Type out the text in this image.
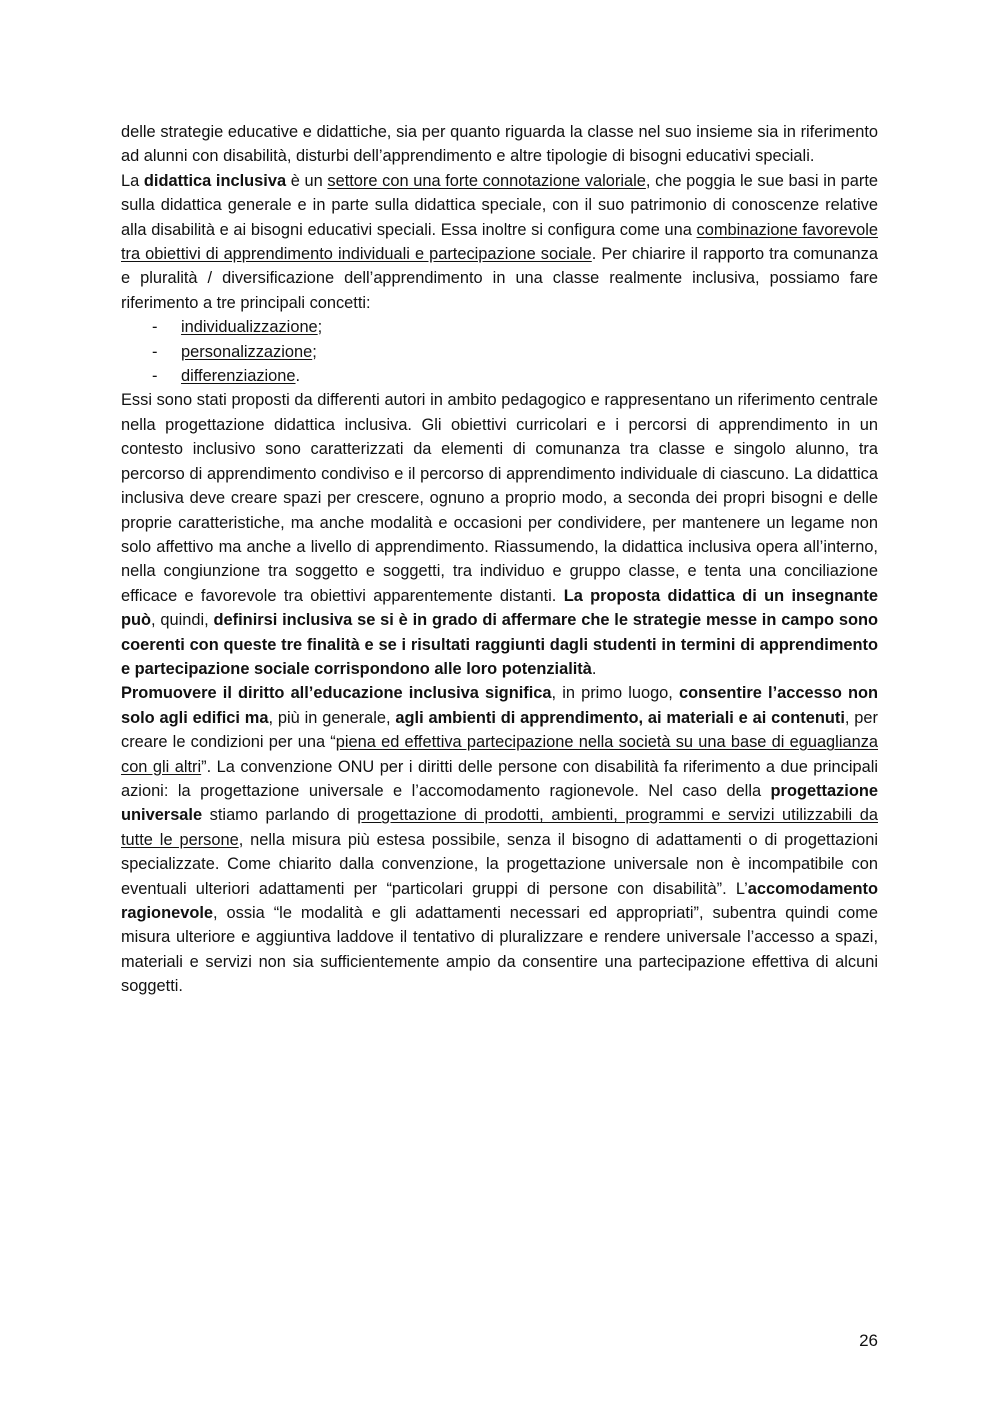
delle strategie educative e didattiche, sia per quanto riguarda la classe nel suo insieme sia in riferimento ad alunni con disabilità, disturbi dell’apprendimento e altre tipologie di bisogni educativi speciali.

La didattica inclusiva è un settore con una forte connotazione valoriale, che poggia le sue basi in parte sulla didattica generale e in parte sulla didattica speciale, con il suo patrimonio di conoscenze relative alla disabilità e ai bisogni educativi speciali. Essa inoltre si configura come una combinazione favorevole tra obiettivi di apprendimento individuali e partecipazione sociale. Per chiarire il rapporto tra comunanza e pluralità / diversificazione dell’apprendimento in una classe realmente inclusiva, possiamo fare riferimento a tre principali concetti:

- individualizzazione;
- personalizzazione;
- differenziazione.

Essi sono stati proposti da differenti autori in ambito pedagogico e rappresentano un riferimento centrale nella progettazione didattica inclusiva. Gli obiettivi curricolari e i percorsi di apprendimento in un contesto inclusivo sono caratterizzati da elementi di comunanza tra classe e singolo alunno, tra percorso di apprendimento condiviso e il percorso di apprendimento individuale di ciascuno. La didattica inclusiva deve creare spazi per crescere, ognuno a proprio modo, a seconda dei propri bisogni e delle proprie caratteristiche, ma anche modalità e occasioni per condividere, per mantenere un legame non solo affettivo ma anche a livello di apprendimento. Riassumendo, la didattica inclusiva opera all’interno, nella congiunzione tra soggetto e soggetti, tra individuo e gruppo classe, e tenta una conciliazione efficace e favorevole tra obiettivi apparentemente distanti. La proposta didattica di un insegnante può, quindi, definirsi inclusiva se si è in grado di affermare che le strategie messe in campo sono coerenti con queste tre finalità e se i risultati raggiunti dagli studenti in termini di apprendimento e partecipazione sociale corrispondono alle loro potenzialità.

Promuovere il diritto all’educazione inclusiva significa, in primo luogo, consentire l’accesso non solo agli edifici ma, più in generale, agli ambienti di apprendimento, ai materiali e ai contenuti, per creare le condizioni per una “piena ed effettiva partecipazione nella società su una base di eguaglianza con gli altri”. La convenzione ONU per i diritti delle persone con disabilità fa riferimento a due principali azioni: la progettazione universale e l’accomodamento ragionevole. Nel caso della progettazione universale stiamo parlando di progettazione di prodotti, ambienti, programmi e servizi utilizzabili da tutte le persone, nella misura più estesa possibile, senza il bisogno di adattamenti o di progettazioni specializzate. Come chiarito dalla convenzione, la progettazione universale non è incompatibile con eventuali ulteriori adattamenti per “particolari gruppi di persone con disabilità”. L’accomodamento ragionevole, ossia “le modalità e gli adattamenti necessari ed appropriati”, subentra quindi come misura ulteriore e aggiuntiva laddove il tentativo di pluralizzare e rendere universale l’accesso a spazi, materiali e servizi non sia sufficientemente ampio da consentire una partecipazione effettiva di alcuni soggetti.

26
